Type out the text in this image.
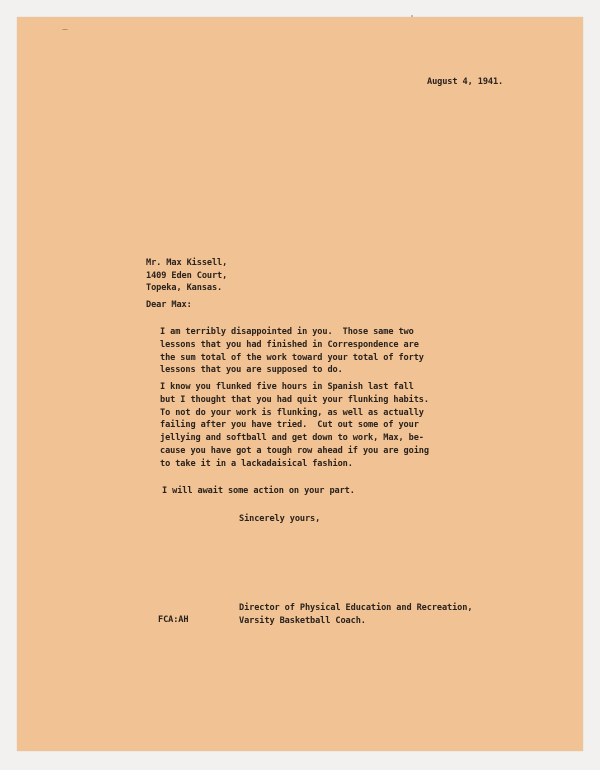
August 4, 1941.
Mr. Max Kissell,
1409 Eden Court,
Topeka, Kansas.
Dear Max:
I am terribly disappointed in you.  Those same two
lessons that you had finished in Correspondence are
the sum total of the work toward your total of forty
lessons that you are supposed to do.
I know you flunked five hours in Spanish last fall
but I thought that you had quit your flunking habits.
To not do your work is flunking, as well as actually
failing after you have tried.  Cut out some of your
jellying and softball and get down to work, Max, be-
cause you have got a tough row ahead if you are going
to take it in a lackadaisical fashion.
I will await some action on your part.
Sincerely yours,
Director of Physical Education and Recreation,
Varsity Basketball Coach.
FCA:AH
